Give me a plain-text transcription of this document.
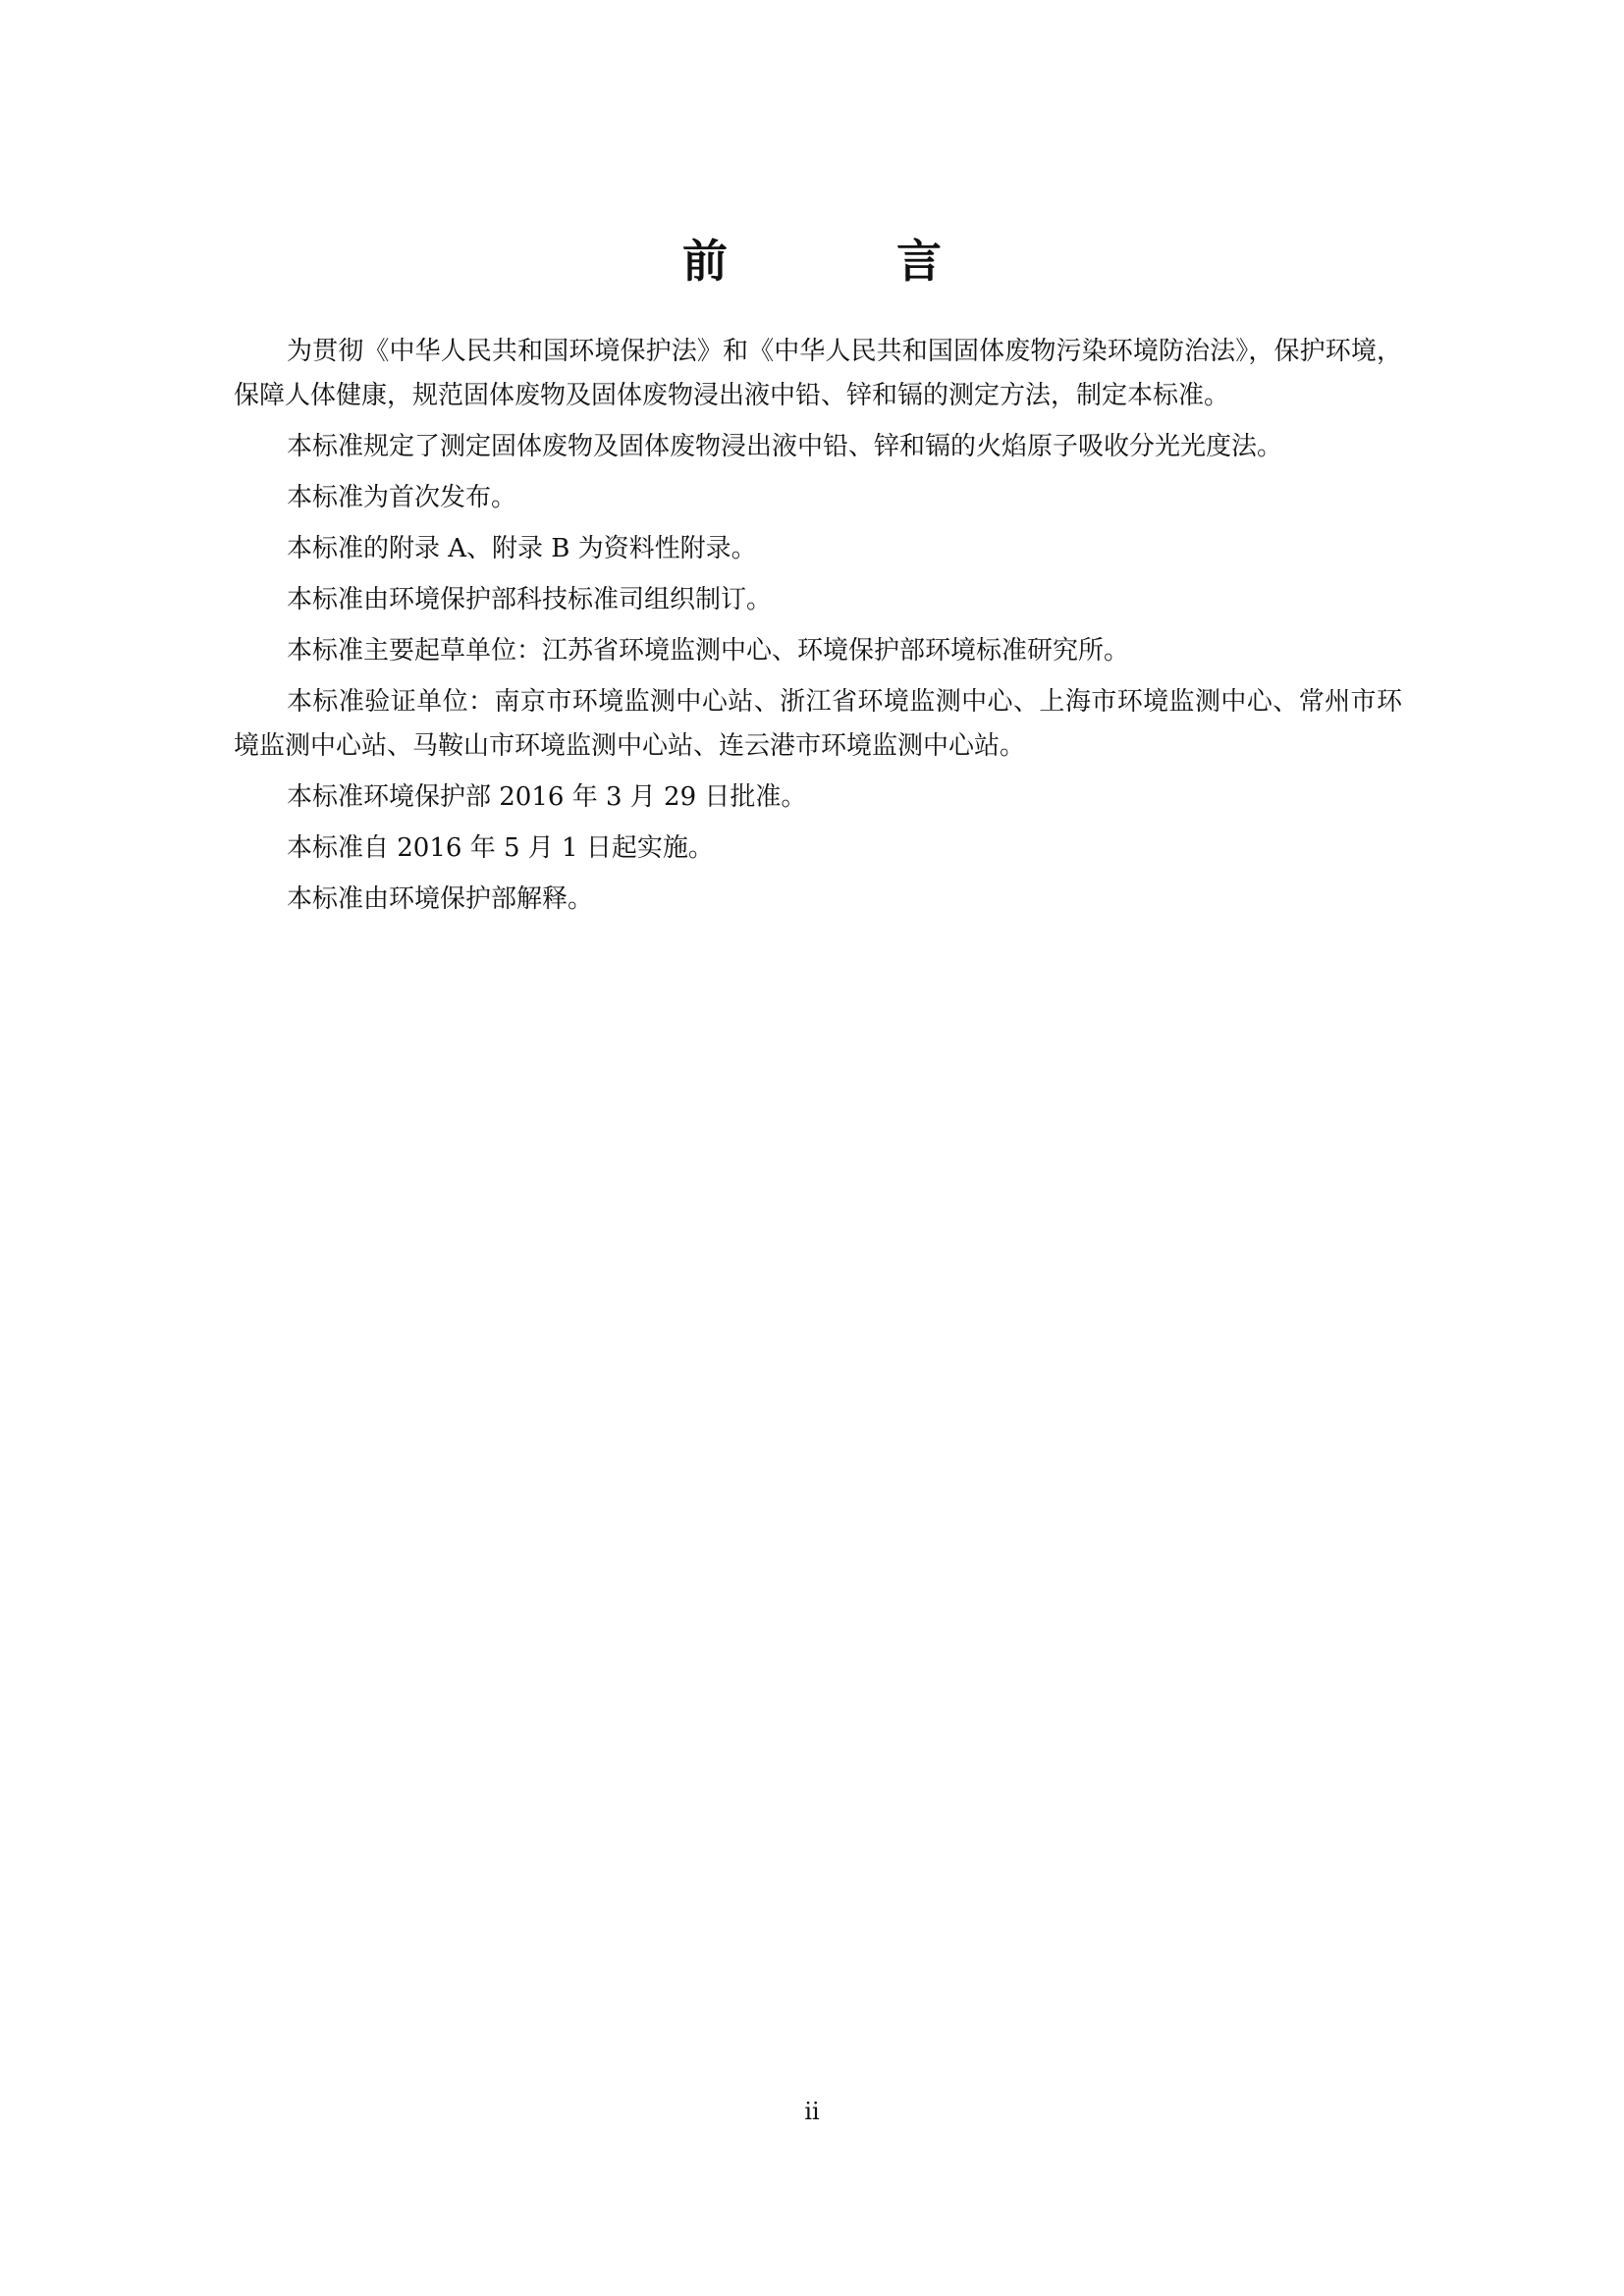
前 言

为贯彻《中华人民共和国环境保护法》和《中华人民共和国固体废物污染环境防治法》，保护环境，保障人体健康，规范固体废物及固体废物浸出液中铅、锌和镉的测定方法，制定本标准。

本标准规定了测定固体废物及固体废物浸出液中铅、锌和镉的火焰原子吸收分光光度法。

本标准为首次发布。

本标准的附录 A、附录 B 为资料性附录。

本标准由环境保护部科技标准司组织制订。

本标准主要起草单位：江苏省环境监测中心、环境保护部环境标准研究所。

本标准验证单位：南京市环境监测中心站、浙江省环境监测中心、上海市环境监测中心、常州市环境监测中心站、马鞍山市环境监测中心站、连云港市环境监测中心站。

本标准环境保护部 2016 年 3 月 29 日批准。

本标准自 2016 年 5 月 1 日起实施。

本标准由环境保护部解释。

ii
